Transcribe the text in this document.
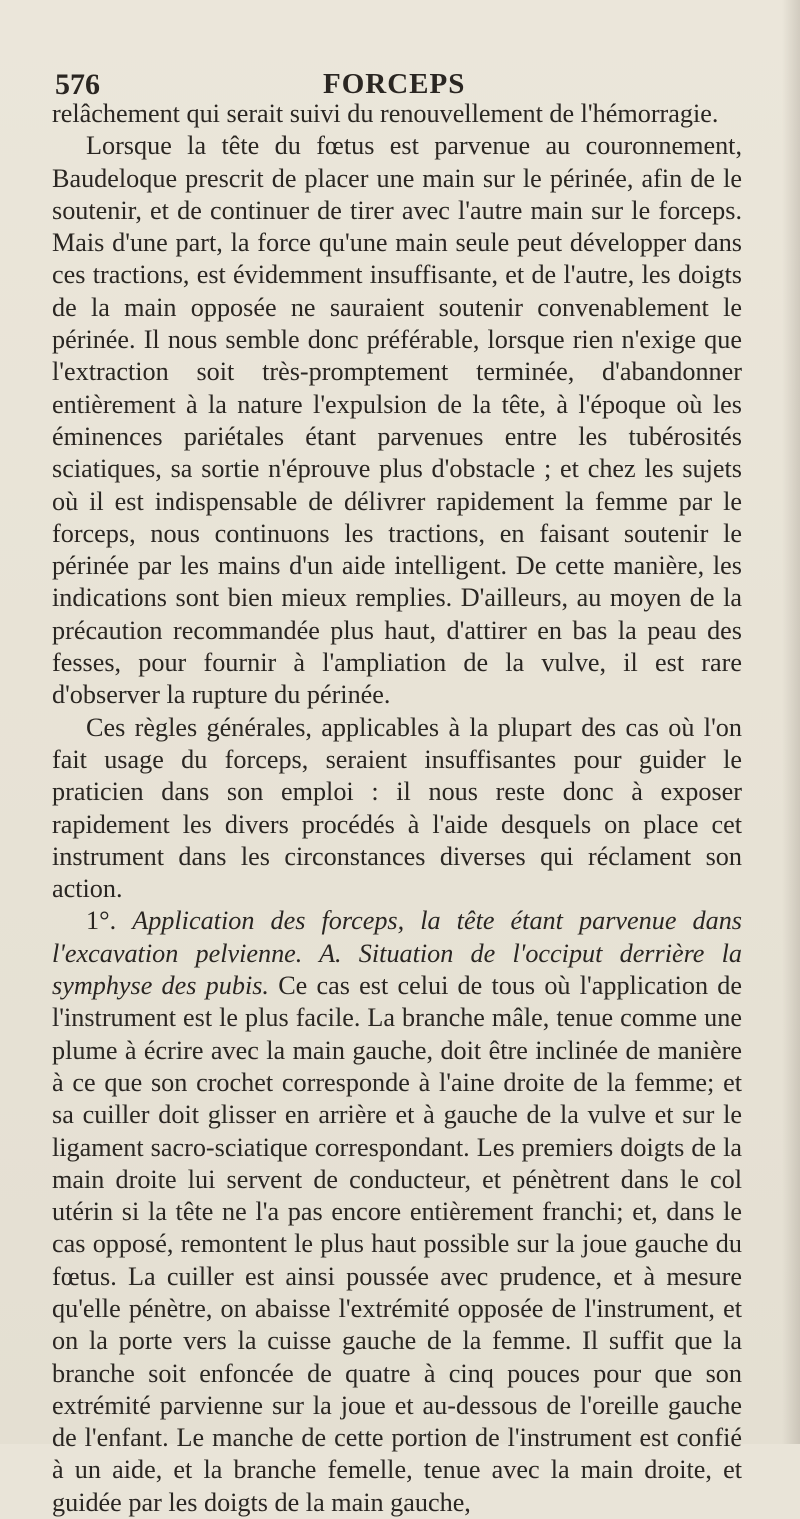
576	FORCEPS

relâchement qui serait suivi du renouvellement de l'hémorragie.

Lorsque la tête du fœtus est parvenue au couronnement, Baudeloque prescrit de placer une main sur le périnée, afin de le soutenir, et de continuer de tirer avec l'autre main sur le forceps. Mais d'une part, la force qu'une main seule peut développer dans ces tractions, est évidemment insuffisante, et de l'autre, les doigts de la main opposée ne sauraient soutenir convenablement le périnée. Il nous semble donc préférable, lorsque rien n'exige que l'extraction soit très-promptement terminée, d'abandonner entièrement à la nature l'expulsion de la tête, à l'époque où les éminences pariétales étant parvenues entre les tubérosités sciatiques, sa sortie n'éprouve plus d'obstacle ; et chez les sujets où il est indispensable de délivrer rapidement la femme par le forceps, nous continuons les tractions, en faisant soutenir le périnée par les mains d'un aide intelligent. De cette manière, les indications sont bien mieux remplies. D'ailleurs, au moyen de la précaution recommandée plus haut, d'attirer en bas la peau des fesses, pour fournir à l'ampliation de la vulve, il est rare d'observer la rupture du périnée.

Ces règles générales, applicables à la plupart des cas où l'on fait usage du forceps, seraient insuffisantes pour guider le praticien dans son emploi : il nous reste donc à exposer rapidement les divers procédés à l'aide desquels on place cet instrument dans les circonstances diverses qui réclament son action.

1°. Application des forceps, la tête étant parvenue dans l'excavation pelvienne. A. Situation de l'occiput derrière la symphyse des pubis. Ce cas est celui de tous où l'application de l'instrument est le plus facile. La branche mâle, tenue comme une plume à écrire avec la main gauche, doit être inclinée de manière à ce que son crochet corresponde à l'aine droite de la femme; et sa cuiller doit glisser en arrière et à gauche de la vulve et sur le ligament sacro-sciatique correspondant. Les premiers doigts de la main droite lui servent de conducteur, et pénètrent dans le col utérin si la tête ne l'a pas encore entièrement franchi; et, dans le cas opposé, remontent le plus haut possible sur la joue gauche du fœtus. La cuiller est ainsi poussée avec prudence, et à mesure qu'elle pénètre, on abaisse l'extrémité opposée de l'instrument, et on la porte vers la cuisse gauche de la femme. Il suffit que la branche soit enfoncée de quatre à cinq pouces pour que son extrémité parvienne sur la joue et au-dessous de l'oreille gauche de l'enfant. Le manche de cette portion de l'instrument est confié à un aide, et la branche femelle, tenue avec la main droite, et guidée par les doigts de la main gauche,
